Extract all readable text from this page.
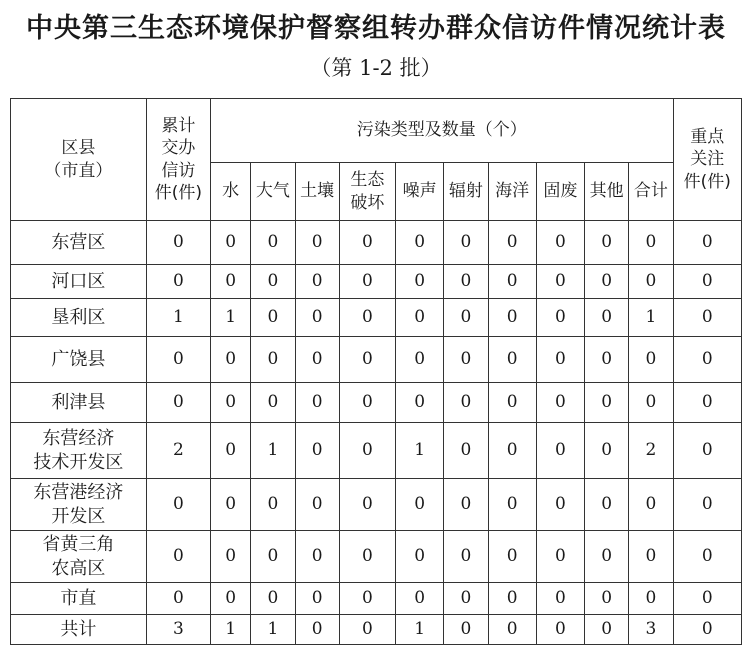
中央第三生态环境保护督察组转办群众信访件情况统计表
（第 1-2 批）
区县
（市直）	累计
交办
信访
件(件)	污染类型及数量（个）										重点
关注
件(件)

		水	大气	土壤	生态
破坏	噪声	辐射	海洋	固废	其他	合计	

东营区	0	0	0	0	0	0	0	0	0	0	0	0

河口区	0	0	0	0	0	0	0	0	0	0	0	0

垦利区	1	1	0	0	0	0	0	0	0	0	1	0

广饶县	0	0	0	0	0	0	0	0	0	0	0	0

利津县	0	0	0	0	0	0	0	0	0	0	0	0

东营经济
技术开发区	2	0	1	0	0	1	0	0	0	0	2	0

东营港经济
开发区	0	0	0	0	0	0	0	0	0	0	0	0

省黄三角
农高区	0	0	0	0	0	0	0	0	0	0	0	0

市直	0	0	0	0	0	0	0	0	0	0	0	0

共计	3	1	1	0	0	1	0	0	0	0	3	0
